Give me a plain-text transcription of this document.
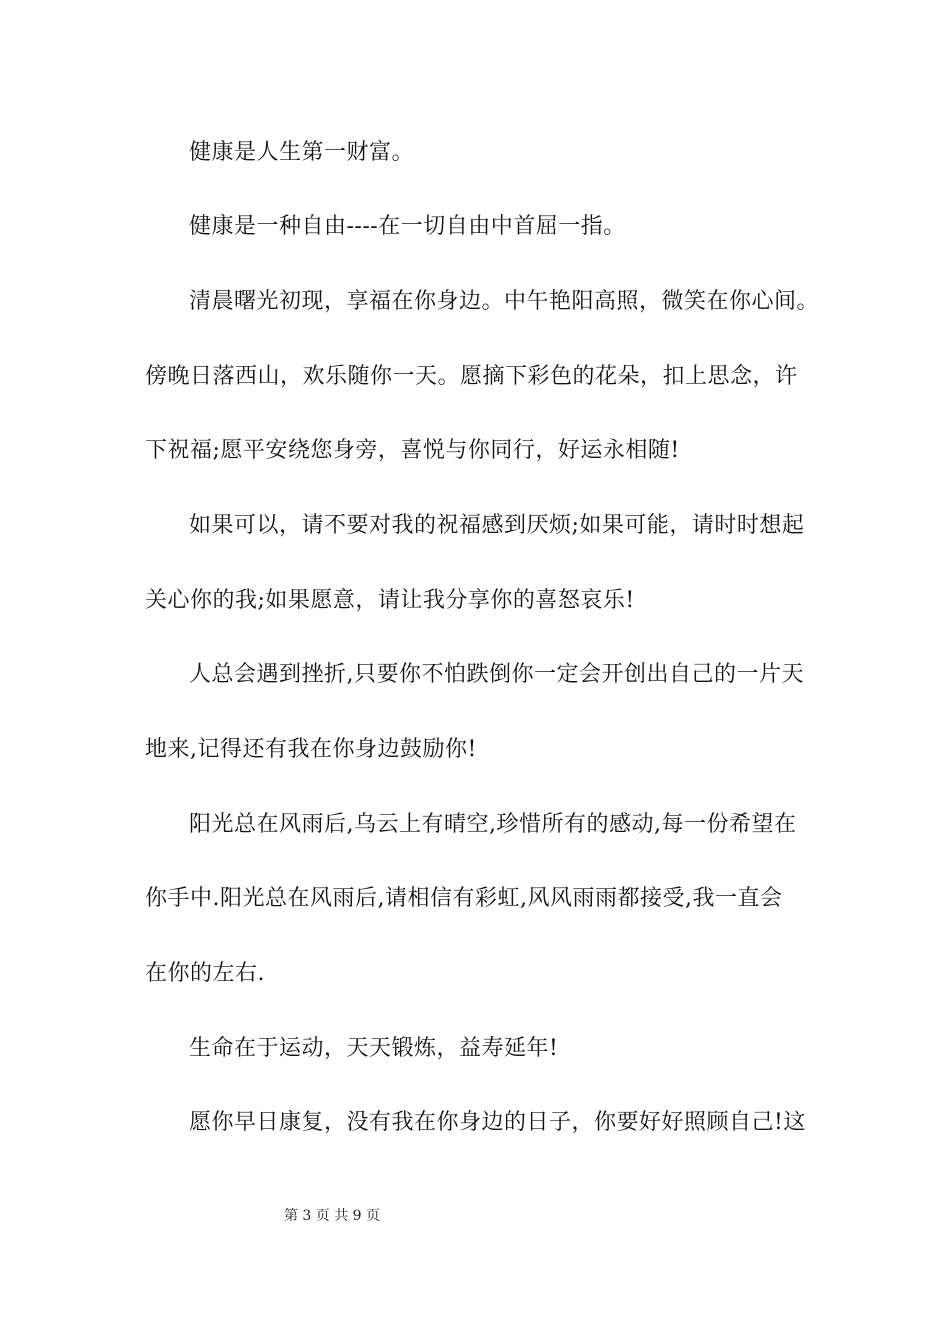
健康是人生第一财富。
健康是一种自由----在一切自由中首屈一指。
清晨曙光初现，享福在你身边。中午艳阳高照，微笑在你心间。
傍晚日落西山，欢乐随你一天。愿摘下彩色的花朵，扣上思念，许
下祝福;愿平安绕您身旁，喜悦与你同行，好运永相随!
如果可以，请不要对我的祝福感到厌烦;如果可能，请时时想起
关心你的我;如果愿意，请让我分享你的喜怒哀乐!
人总会遇到挫折,只要你不怕跌倒你一定会开创出自己的一片天
地来,记得还有我在你身边鼓励你!
阳光总在风雨后,乌云上有晴空,珍惜所有的感动,每一份希望在
你手中.阳光总在风雨后,请相信有彩虹,风风雨雨都接受,我一直会
在你的左右.
生命在于运动，天天锻炼，益寿延年!
愿你早日康复，没有我在你身边的日子，你要好好照顾自己!这
第 3 页 共 9 页
